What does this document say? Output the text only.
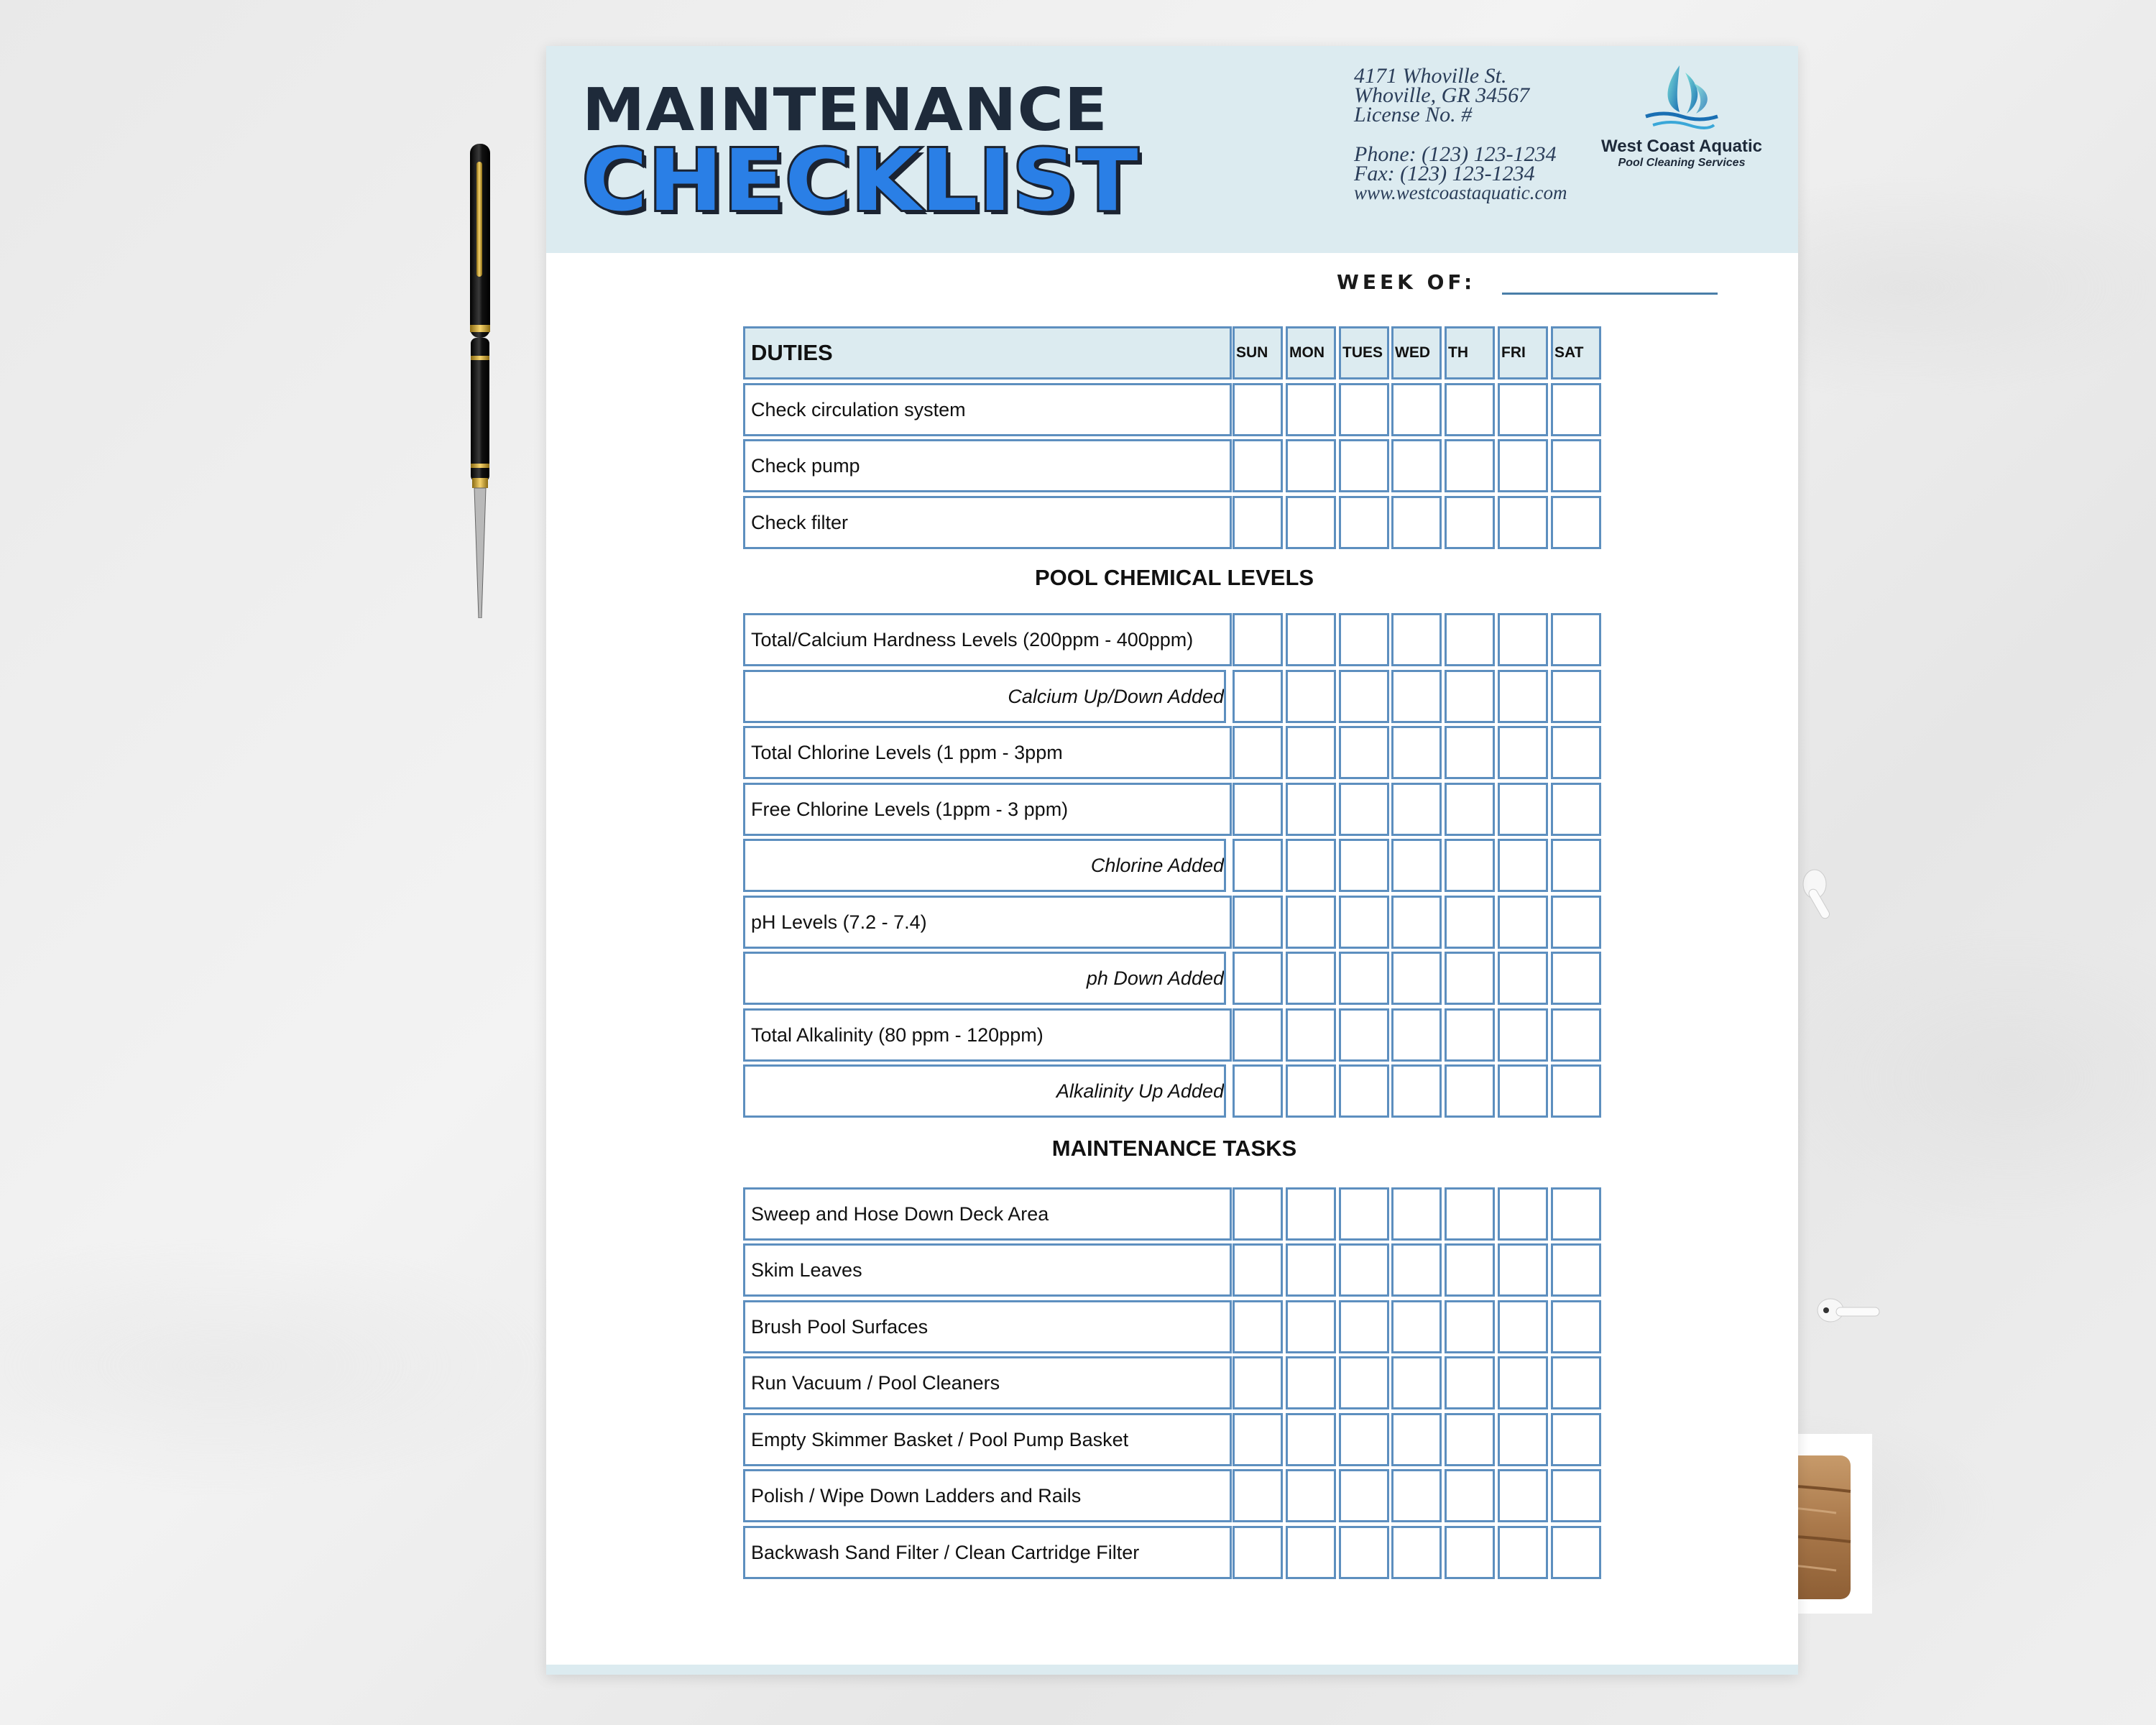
MAINTENANCE
CHECKLIST
4171 Whoville St.
Whoville, GR 34567
License No. #
Phone: (123) 123-1234
Fax: (123) 123-1234
www.westcoastaquatic.com
West Coast Aquatic
Pool Cleaning Services
WEEK OF:
DUTIES	SUN	MON	TUES WED	TH	FRI	SAT
Check circulation system
Check pump
Check filter
POOL CHEMICAL LEVELS
Total/Calcium Hardness Levels (200ppm - 400ppm)
Calcium Up/Down Added
Total Chlorine Levels (1 ppm - 3ppm
Free Chlorine Levels (1ppm - 3 ppm)
Chlorine Added
pH Levels (7.2 - 7.4)
ph Down Added
Total Alkalinity (80 ppm - 120ppm)
Alkalinity Up Added
MAINTENANCE TASKS
Sweep and Hose Down Deck Area
Skim Leaves
Brush Pool Surfaces
Run Vacuum / Pool Cleaners
Empty Skimmer Basket / Pool Pump Basket
Polish / Wipe Down Ladders and Rails
Backwash Sand Filter / Clean Cartridge Filter
